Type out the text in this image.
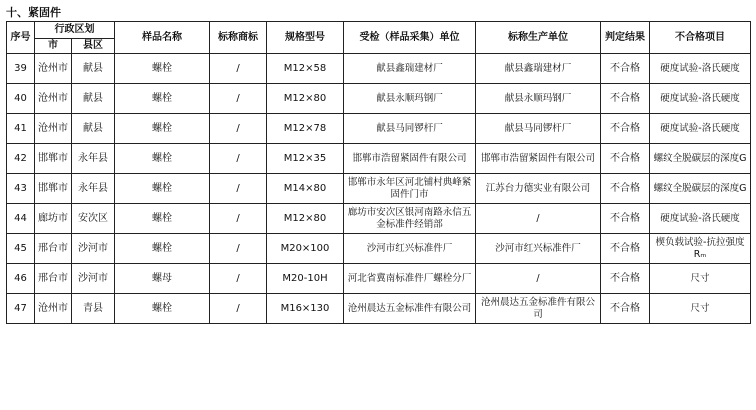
十、紧固件
序号	行政区划		样品名称	标称商标	规格型号	受检（样品采集）单位	标称生产单位	判定结果	不合格项目
	市	县区							
39	沧州市	献县	螺栓	/	M12×58	献县鑫瑞建材厂	献县鑫瑞建材厂	不合格	硬度试验-洛氏硬度
40	沧州市	献县	螺栓	/	M12×80	献县永顺玛钢厂	献县永顺玛钢厂	不合格	硬度试验-洛氏硬度
41	沧州市	献县	螺栓	/	M12×78	献县马同锣杆厂	献县马同锣杆厂	不合格	硬度试验-洛氏硬度
42	邯郸市	永年县	螺栓	/	M12×35	邯郸市浩留紧固件有限公司	邯郸市浩留紧固件有限公司	不合格	螺纹全脱碳层的深度G
43	邯郸市	永年县	螺栓	/	M14×80	邯郸市永年区河北铺村典峰紧固件门市	江苏台力德实业有限公司	不合格	螺纹全脱碳层的深度G
44	廊坊市	安次区	螺栓	/	M12×80	廊坊市安次区银河南路永信五金标准件经销部	/	不合格	硬度试验-洛氏硬度
45	邢台市	沙河市	螺栓	/	M20×100	沙河市红兴标准件厂	沙河市红兴标准件厂	不合格	楔负载试验-抗拉强度Rₘ
46	邢台市	沙河市	螺母	/	M20-10H	河北省冀南标准件厂螺栓分厂	/	不合格	尺寸
47	沧州市	青县	螺栓	/	M16×130	沧州晨达五金标准件有限公司	沧州晨达五金标准件有限公司	不合格	尺寸
